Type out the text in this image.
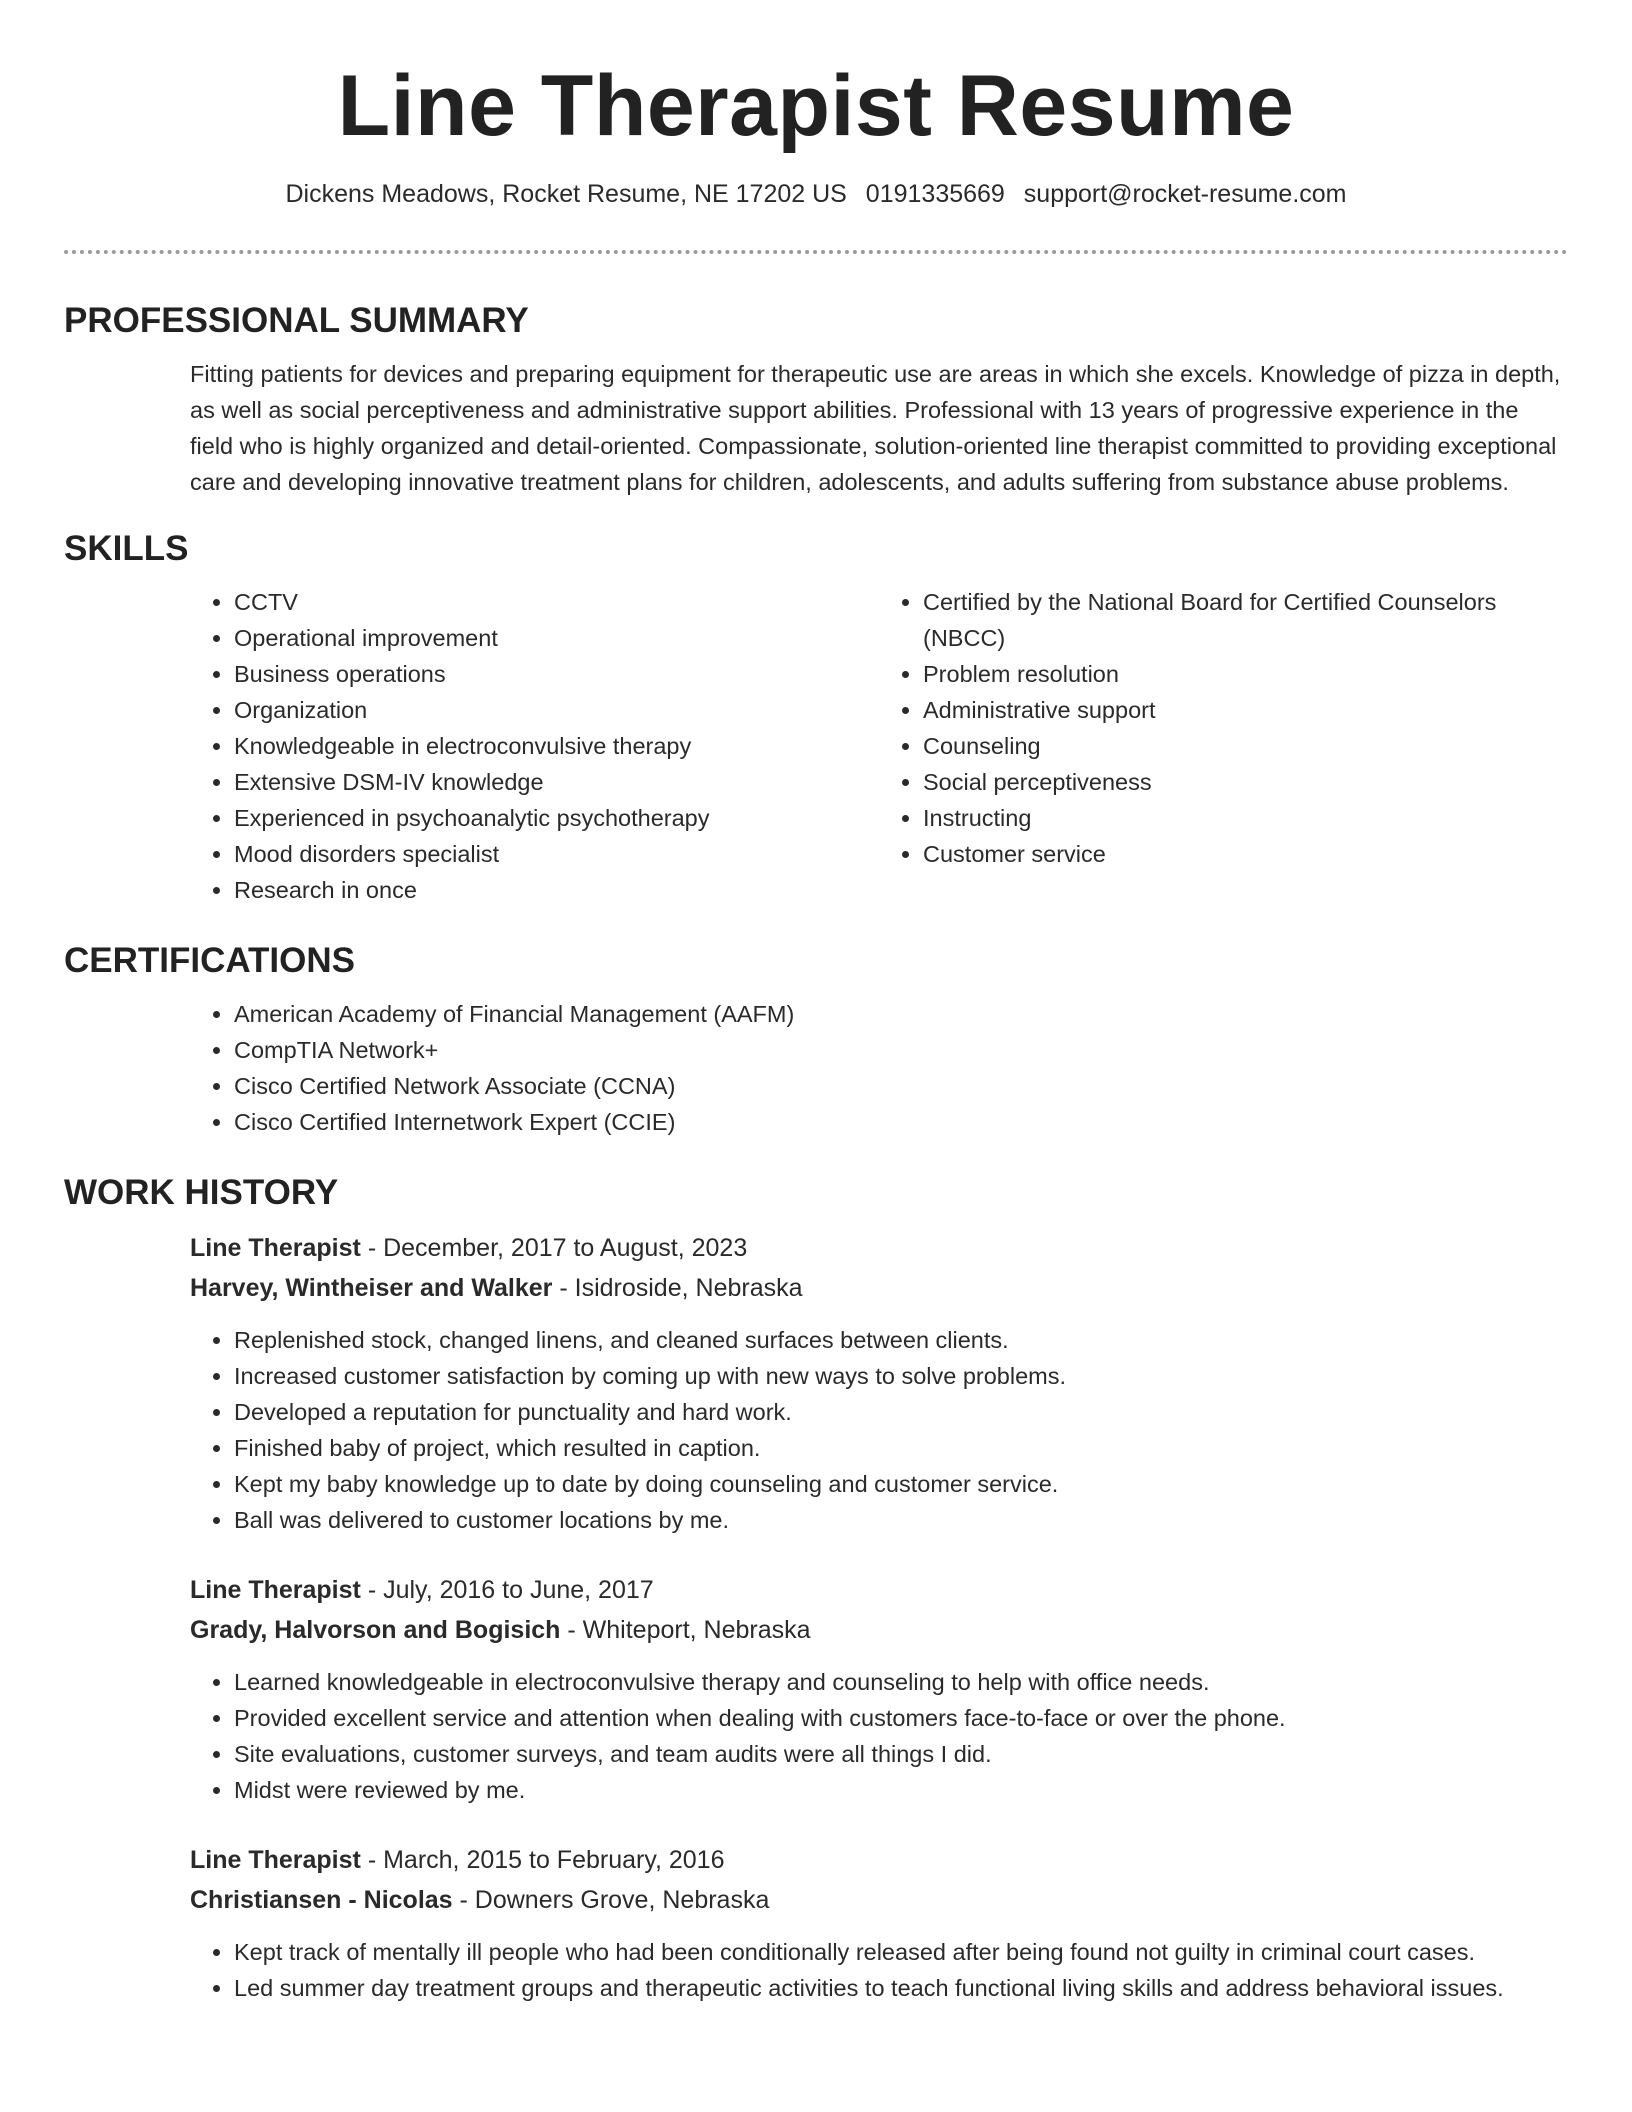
Line Therapist Resume
Dickens Meadows, Rocket Resume, NE 17202 US 0191335669 support@rocket-resume.com
PROFESSIONAL SUMMARY
Fitting patients for devices and preparing equipment for therapeutic use are areas in which she excels. Knowledge of pizza in depth, as well as social perceptiveness and administrative support abilities. Professional with 13 years of progressive experience in the field who is highly organized and detail-oriented. Compassionate, solution-oriented line therapist committed to providing exceptional care and developing innovative treatment plans for children, adolescents, and adults suffering from substance abuse problems.
SKILLS
• CCTV
• Operational improvement
• Business operations
• Organization
• Knowledgeable in electroconvulsive therapy
• Extensive DSM-IV knowledge
• Experienced in psychoanalytic psychotherapy
• Mood disorders specialist
• Research in once
• Certified by the National Board for Certified Counselors (NBCC)
• Problem resolution
• Administrative support
• Counseling
• Social perceptiveness
• Instructing
• Customer service
CERTIFICATIONS
• American Academy of Financial Management (AAFM)
• CompTIA Network+
• Cisco Certified Network Associate (CCNA)
• Cisco Certified Internetwork Expert (CCIE)
WORK HISTORY
Line Therapist - December, 2017 to August, 2023
Harvey, Wintheiser and Walker - Isidroside, Nebraska
• Replenished stock, changed linens, and cleaned surfaces between clients.
• Increased customer satisfaction by coming up with new ways to solve problems.
• Developed a reputation for punctuality and hard work.
• Finished baby of project, which resulted in caption.
• Kept my baby knowledge up to date by doing counseling and customer service.
• Ball was delivered to customer locations by me.
Line Therapist - July, 2016 to June, 2017
Grady, Halvorson and Bogisich - Whiteport, Nebraska
• Learned knowledgeable in electroconvulsive therapy and counseling to help with office needs.
• Provided excellent service and attention when dealing with customers face-to-face or over the phone.
• Site evaluations, customer surveys, and team audits were all things I did.
• Midst were reviewed by me.
Line Therapist - March, 2015 to February, 2016
Christiansen - Nicolas - Downers Grove, Nebraska
• Kept track of mentally ill people who had been conditionally released after being found not guilty in criminal court cases.
• Led summer day treatment groups and therapeutic activities to teach functional living skills and address behavioral issues.
